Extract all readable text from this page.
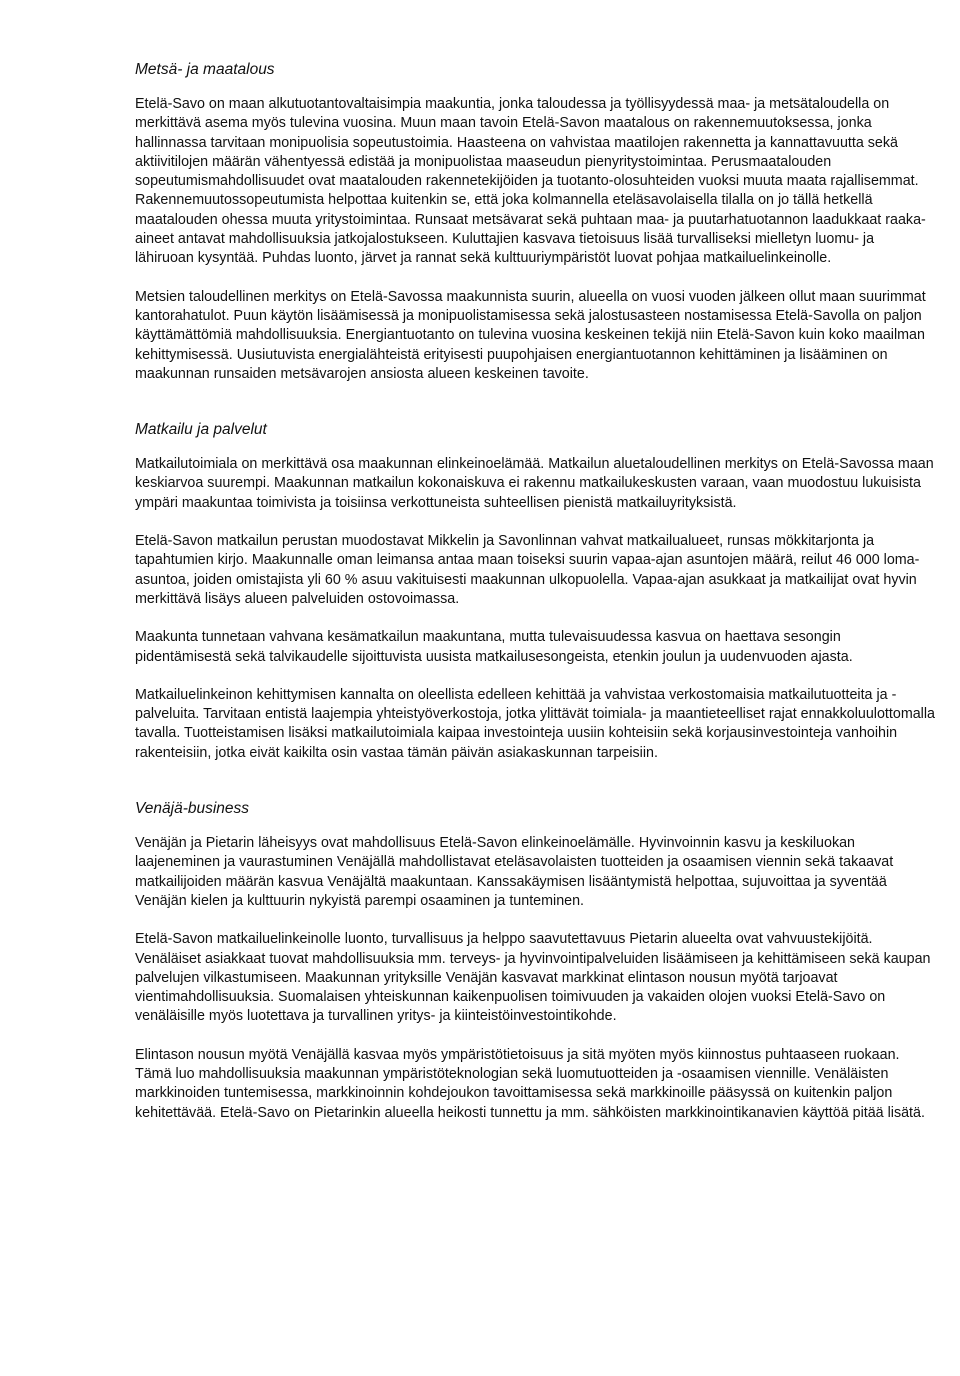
Metsä- ja maatalous

Etelä-Savo on maan alkutuotantovaltaisimpia maakuntia, jonka taloudessa ja työllisyydessä maa- ja metsätaloudella on merkittävä asema myös tulevina vuosina. Muun maan tavoin Etelä-Savon maatalous on rakennemuutoksessa, jonka hallinnassa tarvitaan monipuolisia sopeutustoimia. Haasteena on vahvistaa maatilojen rakennetta ja kannattavuutta sekä aktiivitilojen määrän vähentyessä edistää ja monipuolistaa maaseudun pienyritystoimintaa. Perusmaatalouden sopeutumismahdollisuudet ovat maatalouden rakennetekijöiden ja tuotanto-olosuhteiden vuoksi muuta maata rajallisemmat. Rakennemuutossopeutumista helpottaa kuitenkin se, että joka kolmannella eteläsavolaisella tilalla on jo tällä hetkellä maatalouden ohessa muuta yritystoimintaa. Runsaat metsävarat sekä puhtaan maa- ja puutarhatuotannon laadukkaat raaka-aineet antavat mahdollisuuksia jatkojalostukseen. Kuluttajien kasvava tietoisuus lisää turvalliseksi mielletyn luomu- ja lähiruoan kysyntää. Puhdas luonto, järvet ja rannat sekä kulttuuriympäristöt luovat pohjaa matkailuelinkeinolle.

Metsien taloudellinen merkitys on Etelä-Savossa maakunnista suurin, alueella on vuosi vuoden jälkeen ollut maan suurimmat kantorahatulot. Puun käytön lisäämisessä ja monipuolistamisessa sekä jalostusasteen nostamisessa Etelä-Savolla on paljon käyttämättömiä mahdollisuuksia. Energiantuotanto on tulevina vuosina keskeinen tekijä niin Etelä-Savon kuin koko maailman kehittymisessä. Uusiutuvista energialähteistä erityisesti puupohjaisen energiantuotannon kehittäminen ja lisääminen on maakunnan runsaiden metsävarojen ansiosta alueen keskeinen tavoite.

Matkailu ja palvelut

Matkailutoimiala on merkittävä osa maakunnan elinkeinoelämää. Matkailun aluetaloudellinen merkitys on Etelä-Savossa maan keskiarvoa suurempi. Maakunnan matkailun kokonaiskuva ei rakennu matkailukeskusten varaan, vaan muodostuu lukuisista ympäri maakuntaa toimivista ja toisiinsa verkottuneista suhteellisen pienistä matkailuyrityksistä.

Etelä-Savon matkailun perustan muodostavat Mikkelin ja Savonlinnan vahvat matkailualueet, runsas mökkitarjonta ja tapahtumien kirjo. Maakunnalle oman leimansa antaa maan toiseksi suurin vapaa-ajan asuntojen määrä, reilut 46 000 loma-asuntoa, joiden omistajista yli 60 % asuu vakituisesti maakunnan ulkopuolella. Vapaa-ajan asukkaat ja matkailijat ovat hyvin merkittävä lisäys alueen palveluiden ostovoimassa.

Maakunta tunnetaan vahvana kesämatkailun maakuntana, mutta tulevaisuudessa kasvua on haettava sesongin pidentämisestä sekä talvikaudelle sijoittuvista uusista matkailusesongeista, etenkin joulun ja uudenvuoden ajasta.

Matkailuelinkeinon kehittymisen kannalta on oleellista edelleen kehittää ja vahvistaa verkostomaisia matkailutuotteita ja -palveluita. Tarvitaan entistä laajempia yhteistyöverkostoja, jotka ylittävät toimiala- ja maantieteelliset rajat ennakkoluulottomalla tavalla. Tuotteistamisen lisäksi matkailutoimiala kaipaa investointeja uusiin kohteisiin sekä korjausinvestointeja vanhoihin rakenteisiin, jotka eivät kaikilta osin vastaa tämän päivän asiakaskunnan tarpeisiin.

Venäjä-business

Venäjän ja Pietarin läheisyys ovat mahdollisuus Etelä-Savon elinkeinoelämälle. Hyvinvoinnin kasvu ja keskiluokan laajeneminen ja vaurastuminen Venäjällä mahdollistavat eteläsavolaisten tuotteiden ja osaamisen viennin sekä takaavat matkailijoiden määrän kasvua Venäjältä maakuntaan. Kanssakäymisen lisääntymistä helpottaa, sujuvoittaa ja syventää Venäjän kielen ja kulttuurin nykyistä parempi osaaminen ja tunteminen.

Etelä-Savon matkailuelinkeinolle luonto, turvallisuus ja helppo saavutettavuus Pietarin alueelta ovat vahvuustekijöitä. Venäläiset asiakkaat tuovat mahdollisuuksia mm. terveys- ja hyvinvointipalveluiden lisäämiseen ja kehittämiseen sekä kaupan palvelujen vilkastumiseen. Maakunnan yrityksille Venäjän kasvavat markkinat elintason nousun myötä tarjoavat vientimahdollisuuksia. Suomalaisen yhteiskunnan kaikenpuolisen toimivuuden ja vakaiden olojen vuoksi Etelä-Savo on venäläisille myös luotettava ja turvallinen yritys- ja kiinteistöinvestointikohde.

Elintason nousun myötä Venäjällä kasvaa myös ympäristötietoisuus ja sitä myöten myös kiinnostus puhtaaseen ruokaan. Tämä luo mahdollisuuksia maakunnan ympäristöteknologian sekä luomutuotteiden ja -osaamisen viennille. Venäläisten markkinoiden tuntemisessa, markkinoinnin kohdejoukon tavoittamisessa sekä markkinoille pääsyssä on kuitenkin paljon kehitettävää. Etelä-Savo on Pietarinkin alueella heikosti tunnettu ja mm. sähköisten markkinointikanavien käyttöä pitää lisätä.
